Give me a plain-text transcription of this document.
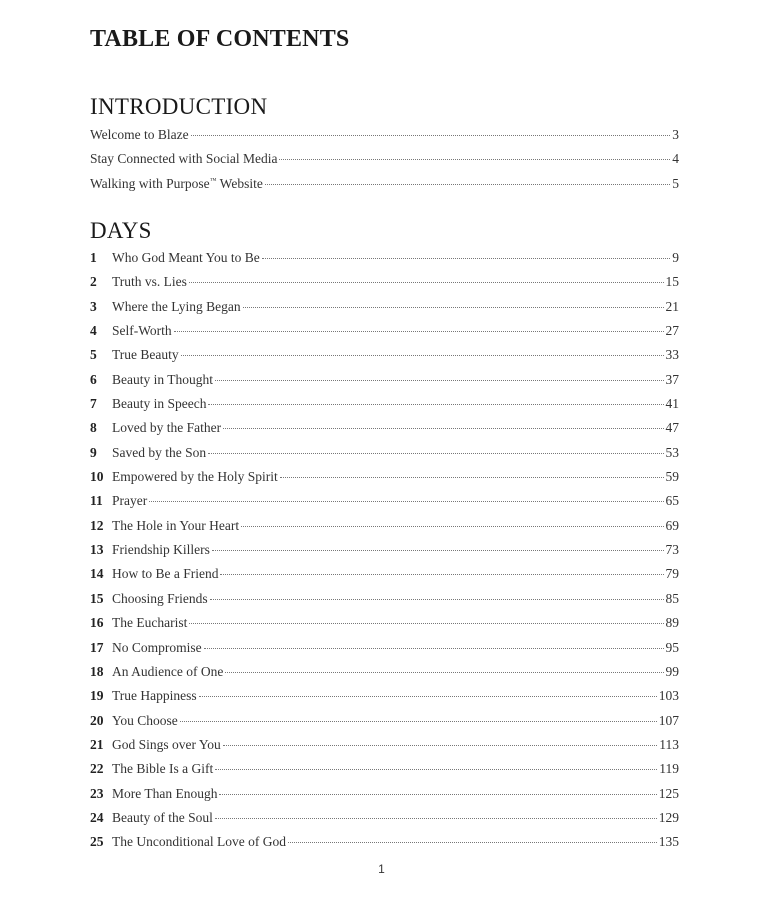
TABLE OF CONTENTS
INTRODUCTION
Welcome to Blaze	3
Stay Connected with Social Media	4
Walking with Purpose™ Website	5
DAYS
1	Who God Meant You to Be	9
2	Truth vs. Lies	15
3	Where the Lying Began	21
4	Self-Worth	27
5	True Beauty	33
6	Beauty in Thought	37
7	Beauty in Speech	41
8	Loved by the Father	47
9	Saved by the Son	53
10 Empowered by the Holy Spirit	59
11 Prayer	65
12 The Hole in Your Heart	69
13 Friendship Killers	73
14 How to Be a Friend	79
15 Choosing Friends	85
16 The Eucharist	89
17 No Compromise	95
18 An Audience of One	99
19 True Happiness	103
20 You Choose	107
21 God Sings over You	113
22 The Bible Is a Gift	119
23 More Than Enough	125
24 Beauty of the Soul	129
25 The Unconditional Love of God	135
1
